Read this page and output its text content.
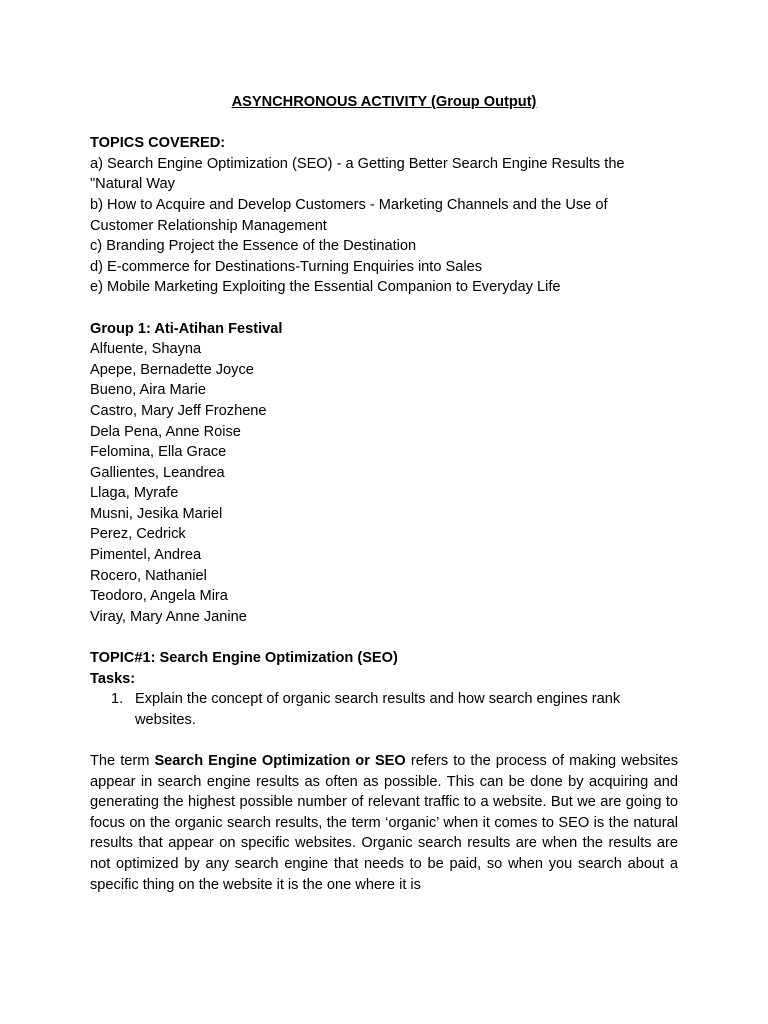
ASYNCHRONOUS ACTIVITY (Group Output)

TOPICS COVERED:

a) Search Engine Optimization (SEO) - a Getting Better Search Engine Results the

"Natural Way

b) How to Acquire and Develop Customers - Marketing Channels and the Use of

Customer Relationship Management

c) Branding Project the Essence of the Destination

d) E-commerce for Destinations-Turning Enquiries into Sales

e) Mobile Marketing Exploiting the Essential Companion to Everyday Life

Group 1: Ati-Atihan Festival

Alfuente, Shayna

Apepe, Bernadette Joyce

Bueno, Aira Marie

Castro, Mary Jeff Frozhene

Dela Pena, Anne Roise

Felomina, Ella Grace

Gallientes, Leandrea

Llaga, Myrafe

Musni, Jesika Mariel

Perez, Cedrick

Pimentel, Andrea

Rocero, Nathaniel

Teodoro, Angela Mira

Viray, Mary Anne Janine

TOPIC#1: Search Engine Optimization (SEO)

Tasks:

1. Explain the concept of organic search results and how search engines rank
websites.

The term Search Engine Optimization or SEO refers to the process of making websites appear in search engine results as often as possible. This can be done by acquiring and generating the highest possible number of relevant traffic to a website. But we are going to focus on the organic search results, the term ‘organic’ when it comes to SEO is the natural results that appear on specific websites. Organic search results are when the results are not optimized by any search engine that needs to be paid, so when you search about a specific thing on the website it is the one where it is
